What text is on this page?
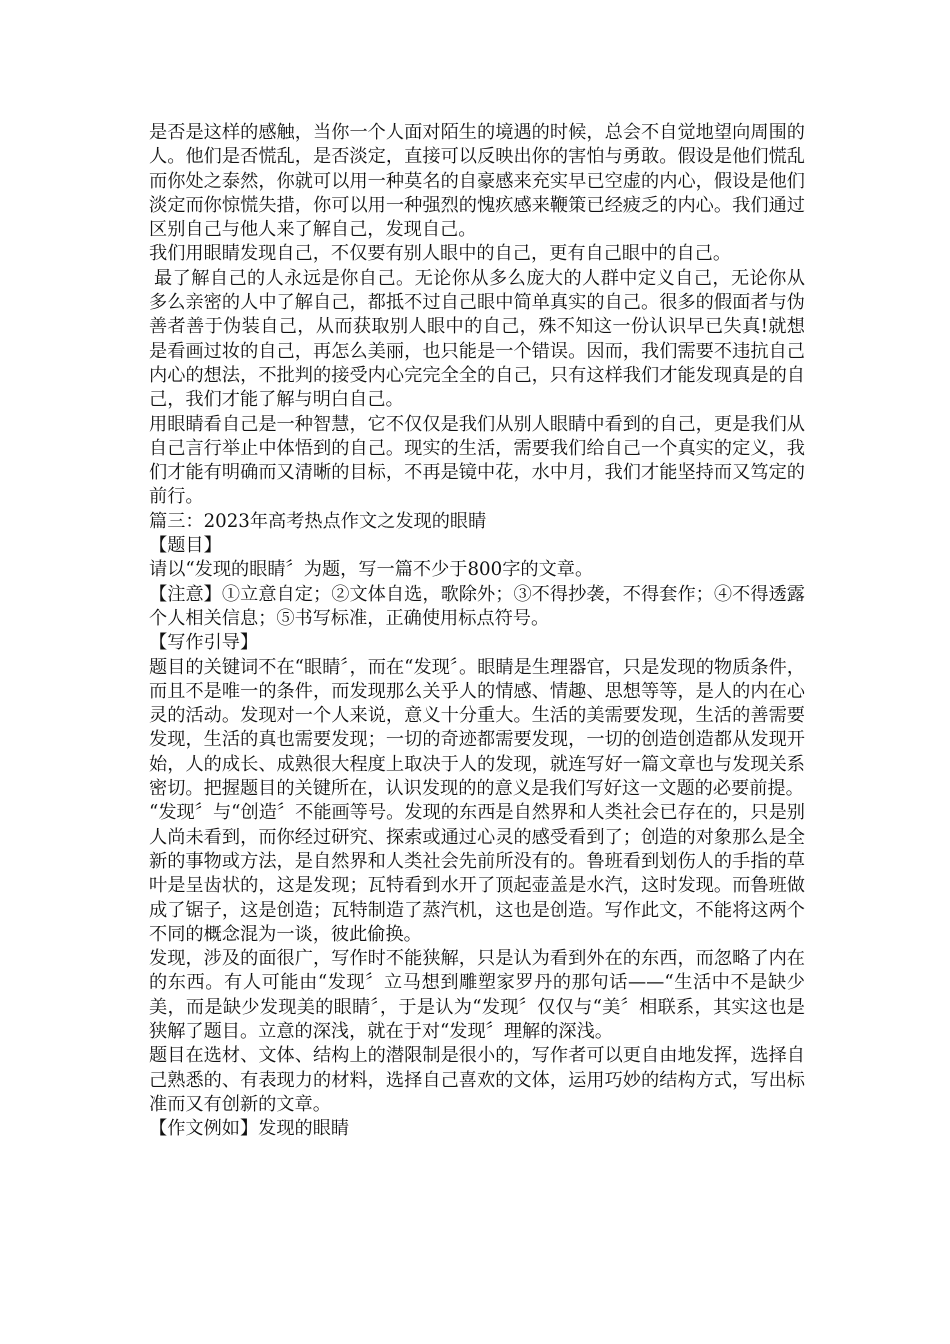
是否是这样的感触，当你一个人面对陌生的境遇的时候，总会不自觉地望向周围的人。他们是否慌乱，是否淡定，直接可以反映出你的害怕与勇敢。假设是他们慌乱而你处之泰然，你就可以用一种莫名的自豪感来充实早已空虚的内心，假设是他们淡定而你惊慌失措，你可以用一种强烈的愧疚感来鞭策已经疲乏的内心。我们通过区别自己与他人来了解自己，发现自己。

我们用眼睛发现自己，不仅要有别人眼中的自己，更有自己眼中的自己。

最了解自己的人永远是你自己。无论你从多么庞大的人群中定义自己，无论你从多么亲密的人中了解自己，都抵不过自己眼中简单真实的自己。很多的假面者与伪善者善于伪装自己，从而获取别人眼中的自己，殊不知这一份认识早已失真!就想是看画过妆的自己，再怎么美丽，也只能是一个错误。因而，我们需要不违抗自己内心的想法，不批判的接受内心完完全全的自己，只有这样我们才能发现真是的自己，我们才能了解与明白自己。

用眼睛看自己是一种智慧，它不仅仅是我们从别人眼睛中看到的自己，更是我们从自己言行举止中体悟到的自己。现实的生活，需要我们给自己一个真实的定义，我们才能有明确而又清晰的目标，不再是镜中花，水中月，我们才能坚持而又笃定的前行。

篇三：2023年高考热点作文之发现的眼睛

【题目】

请以“发现的眼睛〞为题，写一篇不少于800字的文章。

【注意】①立意自定；②文体自选，歌除外；③不得抄袭，不得套作；④不得透露个人相关信息；⑤书写标准，正确使用标点符号。

【写作引导】

题目的关键词不在“眼睛〞，而在“发现〞。眼睛是生理器官，只是发现的物质条件，而且不是唯一的条件，而发现那么关乎人的情感、情趣、思想等等，是人的内在心灵的活动。发现对一个人来说，意义十分重大。生活的美需要发现，生活的善需要发现，生活的真也需要发现；一切的奇迹都需要发现，一切的创造创造都从发现开始，人的成长、成熟很大程度上取决于人的发现，就连写好一篇文章也与发现关系密切。把握题目的关键所在，认识发现的的意义是我们写好这一文题的必要前提。

“发现〞与“创造〞不能画等号。发现的东西是自然界和人类社会已存在的，只是别人尚未看到，而你经过研究、探索或通过心灵的感受看到了；创造的对象那么是全新的事物或方法，是自然界和人类社会先前所没有的。鲁班看到划伤人的手指的草叶是呈齿状的，这是发现；瓦特看到水开了顶起壶盖是水汽，这时发现。而鲁班做成了锯子，这是创造；瓦特制造了蒸汽机，这也是创造。写作此文，不能将这两个不同的概念混为一谈，彼此偷换。

发现，涉及的面很广，写作时不能狭解，只是认为看到外在的东西，而忽略了内在的东西。有人可能由“发现〞立马想到雕塑家罗丹的那句话——“生活中不是缺少美，而是缺少发现美的眼睛〞，于是认为“发现〞仅仅与“美〞相联系，其实这也是狭解了题目。立意的深浅，就在于对“发现〞理解的深浅。

题目在选材、文体、结构上的潜限制是很小的，写作者可以更自由地发挥，选择自己熟悉的、有表现力的材料，选择自己喜欢的文体，运用巧妙的结构方式，写出标准而又有创新的文章。

【作文例如】发现的眼睛
